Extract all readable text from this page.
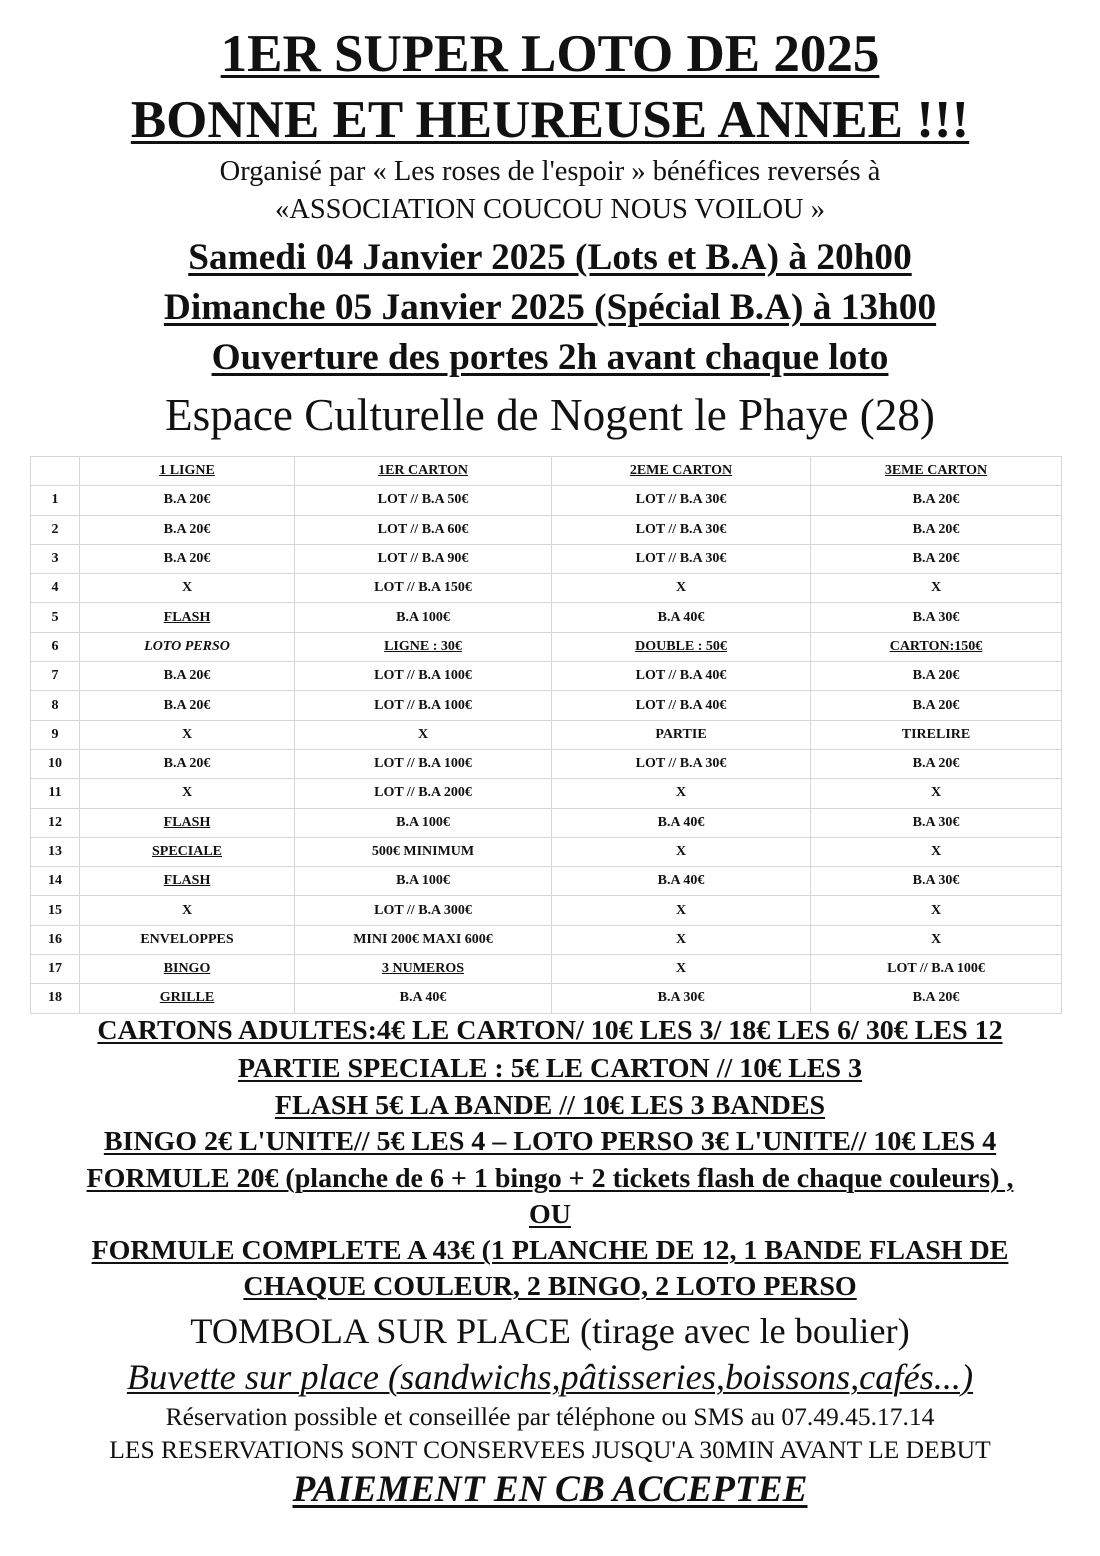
1ER SUPER LOTO DE 2025

BONNE ET HEUREUSE ANNEE !!!

Organisé par « Les roses de l'espoir » bénéfices reversés à

«ASSOCIATION COUCOU NOUS VOILOU »

Samedi 04 Janvier 2025 (Lots et B.A) à 20h00

Dimanche 05 Janvier 2025 (Spécial B.A) à 13h00

Ouverture des portes 2h avant chaque loto

Espace Culturelle de Nogent le Phaye (28)

	1 LIGNE	1ER CARTON	2EME CARTON	3EME CARTON
1	B.A 20€	LOT // B.A 50€	LOT // B.A 30€	B.A 20€
2	B.A 20€	LOT // B.A 60€	LOT // B.A 30€	B.A 20€
3	B.A 20€	LOT // B.A 90€	LOT // B.A 30€	B.A 20€
4	X	LOT // B.A 150€	X	X
5	FLASH	B.A 100€	B.A 40€	B.A 30€
6	LOTO PERSO	LIGNE : 30€	DOUBLE : 50€	CARTON:150€
7	B.A 20€	LOT // B.A 100€	LOT // B.A 40€	B.A 20€
8	B.A 20€	LOT // B.A 100€	LOT // B.A 40€	B.A 20€
9	X	X	PARTIE	TIRELIRE
10	B.A 20€	LOT // B.A 100€	LOT // B.A 30€	B.A 20€
11	X	LOT // B.A 200€	X	X
12	FLASH	B.A 100€	B.A 40€	B.A 30€
13	SPECIALE	500€ MINIMUM	X	X
14	FLASH	B.A 100€	B.A 40€	B.A 30€
15	X	LOT // B.A 300€	X	X
16	ENVELOPPES	MINI 200€ MAXI 600€	X	X
17	BINGO	3 NUMEROS	X	LOT // B.A 100€
18	GRILLE	B.A 40€	B.A 30€	B.A 20€

CARTONS ADULTES:4€ LE CARTON/ 10€ LES 3/ 18€ LES 6/ 30€ LES 12

PARTIE SPECIALE : 5€ LE CARTON // 10€ LES 3

FLASH 5€ LA BANDE // 10€ LES 3 BANDES

BINGO 2€ L'UNITE// 5€ LES 4 – LOTO PERSO 3€ L'UNITE// 10€ LES 4

FORMULE 20€ (planche de 6 + 1 bingo + 2 tickets flash de chaque couleurs) ,

OU

FORMULE COMPLETE A 43€ (1 PLANCHE DE 12, 1 BANDE FLASH DE

CHAQUE COULEUR, 2 BINGO, 2 LOTO PERSO

TOMBOLA SUR PLACE (tirage avec le boulier)

Buvette sur place (sandwichs,pâtisseries,boissons,cafés...)

Réservation possible et conseillée par téléphone ou SMS au 07.49.45.17.14

LES RESERVATIONS SONT CONSERVEES JUSQU'A 30MIN AVANT LE DEBUT

PAIEMENT EN CB ACCEPTEE
